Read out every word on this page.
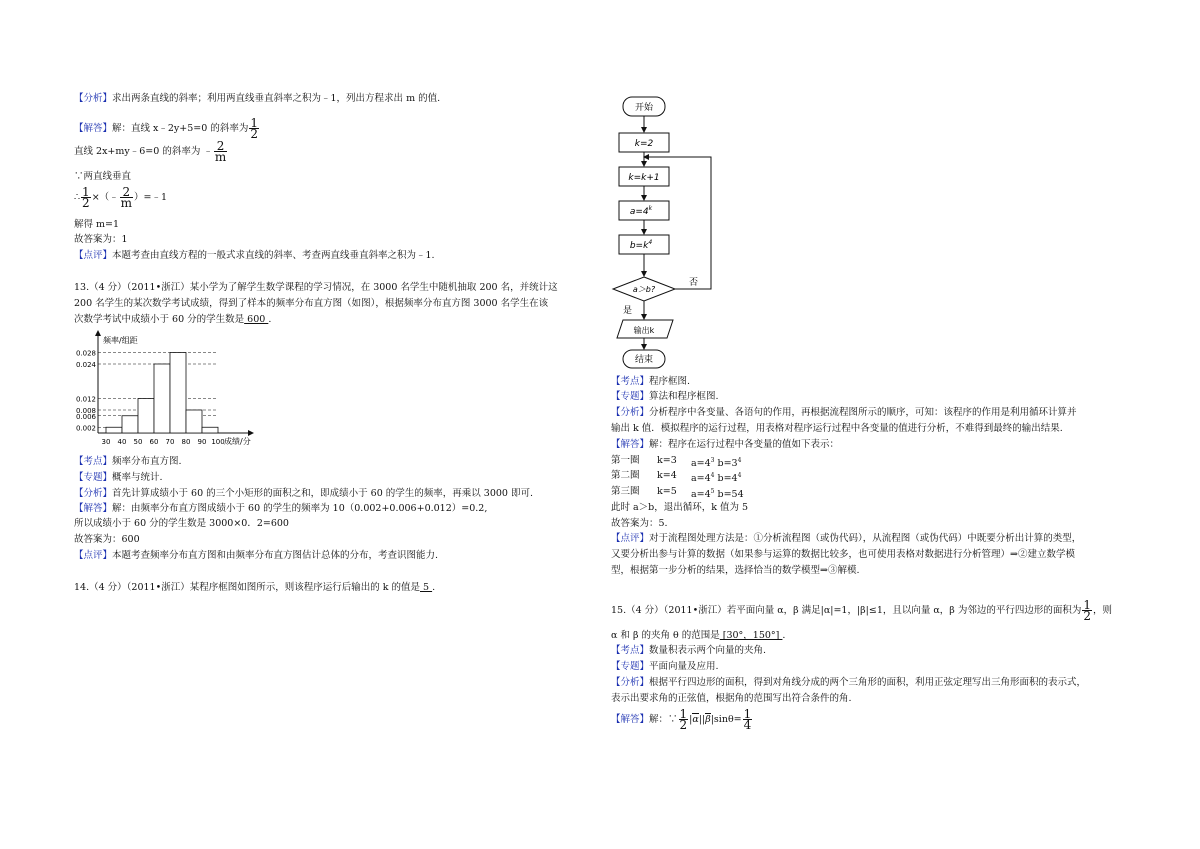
【分析】求出两条直线的斜率；利用两直线垂直斜率之积为﹣1，列出方程求出 m 的值.
【解答】解：直线 x﹣2y+5=0 的斜率为 $\frac{1}{2}$
直线 2x+my﹣6=0 的斜率为 ﹣ $\frac{2}{m}$
∵两直线垂直
∴ $\frac{1}{2}$ ×（﹣ $\frac{2}{m}$ ）=﹣1
解得 m=1
故答案为：1
【点评】本题考查由直线方程的一般式求直线的斜率、考查两直线垂直斜率之积为﹣1.
13.（4 分）（2011•浙江）某小学为了解学生数学课程的学习情况，在 3000 名学生中随机抽取 200 名，并统计这
200 名学生的某次数学考试成绩，得到了样本的频率分布直方图（如图），根据频率分布直方图 3000 名学生在该
次数学考试中成绩小于 60 分的学生数是 600 .
0.002
0.006
0.008
0.012
0.024
0.028
30 40 50 60 70 80 90 100
频率/组距
成绩/分
【考点】频率分布直方图.
【专题】概率与统计.
【分析】首先计算成绩小于 60 的三个小矩形的面积之和，即成绩小于 60 的学生的频率，再乘以 3000 即可.
【解答】解：由频率分布直方图成绩小于 60 的学生的频率为 10（0.002+0.006+0.012）=0.2,
所以成绩小于 60 分的学生数是 3000×0．2=600
故答案为：600
【点评】本题考查频率分布直方图和由频率分布直方图估计总体的分布，考查识图能力.
14.（4 分）（2011•浙江）某程序框图如图所示，则该程序运行后输出的 k 的值是 5 .
开始
k=2
k=k+1
$a=4^k$
$b=k^4$
a＞b?
否
是
输出k
结束
【考点】程序框图.
【专题】算法和程序框图.
【分析】分析程序中各变量、各语句的作用，再根据流程图所示的顺序，可知：该程序的作用是利用循环计算并
输出 k 值．模拟程序的运行过程，用表格对程序运行过程中各变量的值进行分析，不难得到最终的输出结果.
【解答】解：程序在运行过程中各变量的值如下表示：
第一圈 k=3 $a=4^3$ $b=3^4$
第二圈 k=4 $a=4^4$ $b=4^4$
第三圈 k=5 $a=4^5$ b=54
此时 a＞b，退出循环，k 值为 5
故答案为：5.
【点评】对于流程图处理方法是：①分析流程图（或伪代码），从流程图（或伪代码）中既要分析出计算的类型，
又要分析出参与计算的数据（如果参与运算的数据比较多，也可使用表格对数据进行分析管理）⇒②建立数学模
型，根据第一步分析的结果，选择恰当的数学模型⇒③解模.
15.（4 分）（2011•浙江）若平面向量 α，β 满足|α|=1，|β|≤1，且以向量 α，β 为邻边的平行四边形的面积为 $\frac{1}{2}$ ，则
α 和 β 的夹角 θ 的范围是 [30°，150°] .
【考点】数量积表示两个向量的夹角.
【专题】平面向量及应用.
【分析】根据平行四边形的面积，得到对角线分成的两个三角形的面积，利用正弦定理写出三角形面积的表示式，
表示出要求角的正弦值，根据角的范围写出符合条件的角.
【解答】解：∵ $\frac{1}{2} |\alpha||\beta|\sin\theta= \frac{1}{4}$
